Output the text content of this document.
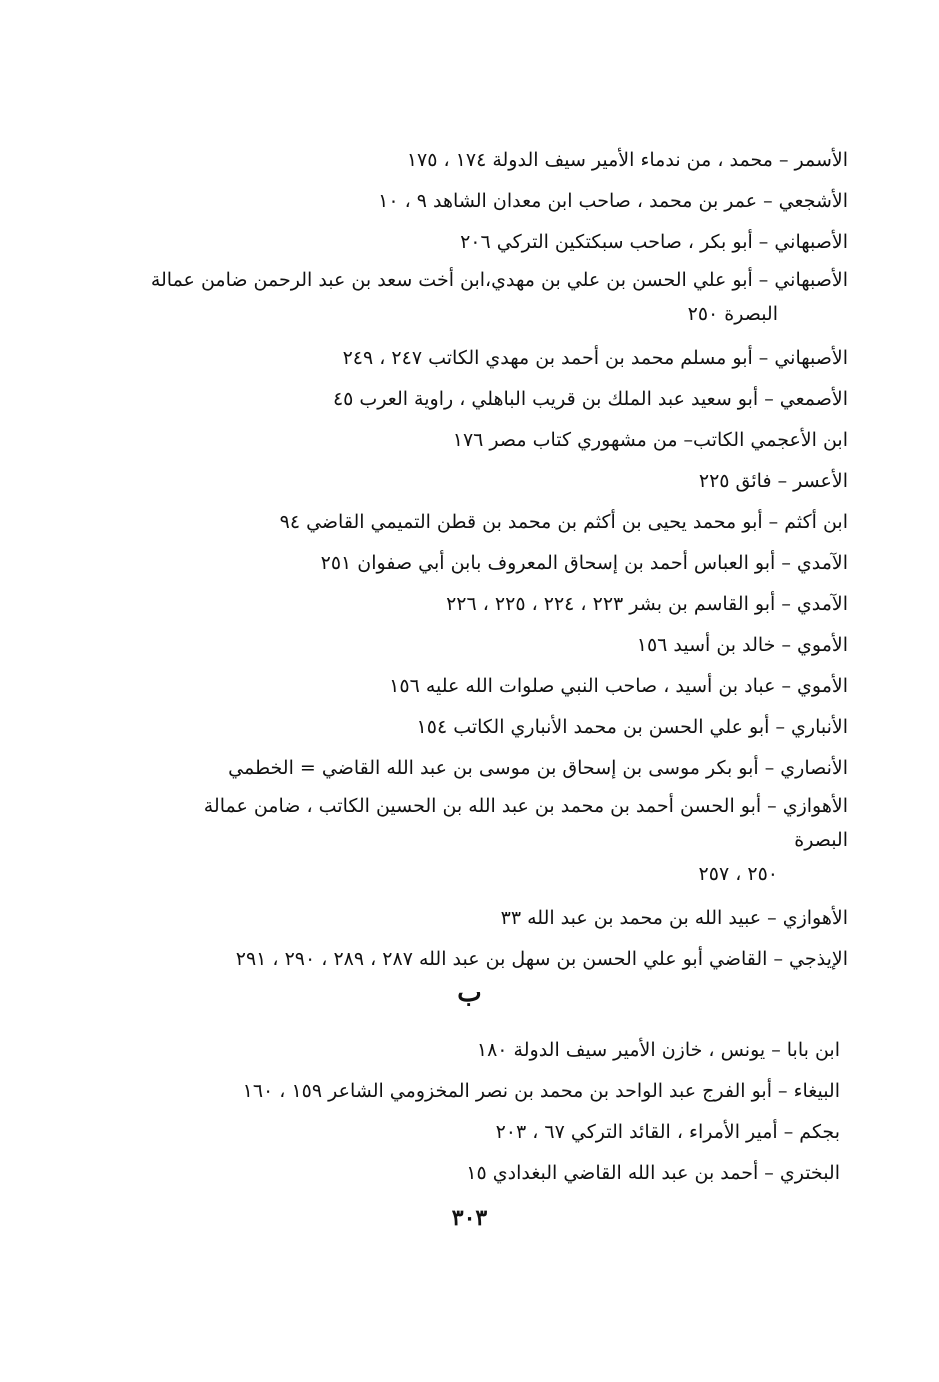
الأسمر – محمد ، من ندماء الأمير سيف الدولة ١٧٤ ، ١٧٥
الأشجعي – عمر بن محمد ، صاحب ابن معدان الشاهد ٩ ، ١٠
الأصبهاني – أبو بكر ، صاحب سبكتكين التركي ٢٠٦
الأصبهاني – أبو علي الحسن بن علي بن مهدي،ابن أخت سعد بن عبد الرحمن ضامن عمالة
البصرة ٢٥٠
الأصبهاني – أبو مسلم محمد بن أحمد بن مهدي الكاتب ٢٤٧ ، ٢٤٩
الأصمعي – أبو سعيد عبد الملك بن قريب الباهلي ، راوية العرب ٤٥
ابن الأعجمي الكاتب– من مشهوري كتاب مصر ١٧٦
الأعسر – فائق ٢٢٥
ابن أكثم – أبو محمد يحيى بن أكثم بن محمد بن قطن التميمي القاضي ٩٤
الآمدي – أبو العباس أحمد بن إسحاق المعروف بابن أبي صفوان ٢٥١
الآمدي – أبو القاسم بن بشر ٢٢٣ ، ٢٢٤ ، ٢٢٥ ، ٢٢٦
الأموي – خالد بن أسيد ١٥٦
الأموي – عباد بن أسيد ، صاحب النبي صلوات الله عليه ١٥٦
الأنباري – أبو علي الحسن بن محمد الأنباري الكاتب ١٥٤
الأنصاري – أبو بكر موسى بن إسحاق بن موسى بن عبد الله القاضي = الخطمي
الأهوازي – أبو الحسن أحمد بن محمد بن عبد الله بن الحسين الكاتب ، ضامن عمالة البصرة
٢٥٠ ، ٢٥٧
الأهوازي – عبيد الله بن محمد بن عبد الله ٣٣
الإيذجي – القاضي أبو علي الحسن بن سهل بن عبد الله ٢٨٧ ، ٢٨٩ ، ٢٩٠ ، ٢٩١
ب
ابن بابا – يونس ، خازن الأمير سيف الدولة ١٨٠
البيغاء – أبو الفرج عبد الواحد بن محمد بن نصر المخزومي الشاعر ١٥٩ ، ١٦٠
بجكم – أمير الأمراء ، القائد التركي ٦٧ ، ٢٠٣
البختري – أحمد بن عبد الله القاضي البغدادي ١٥
٣٠٣
